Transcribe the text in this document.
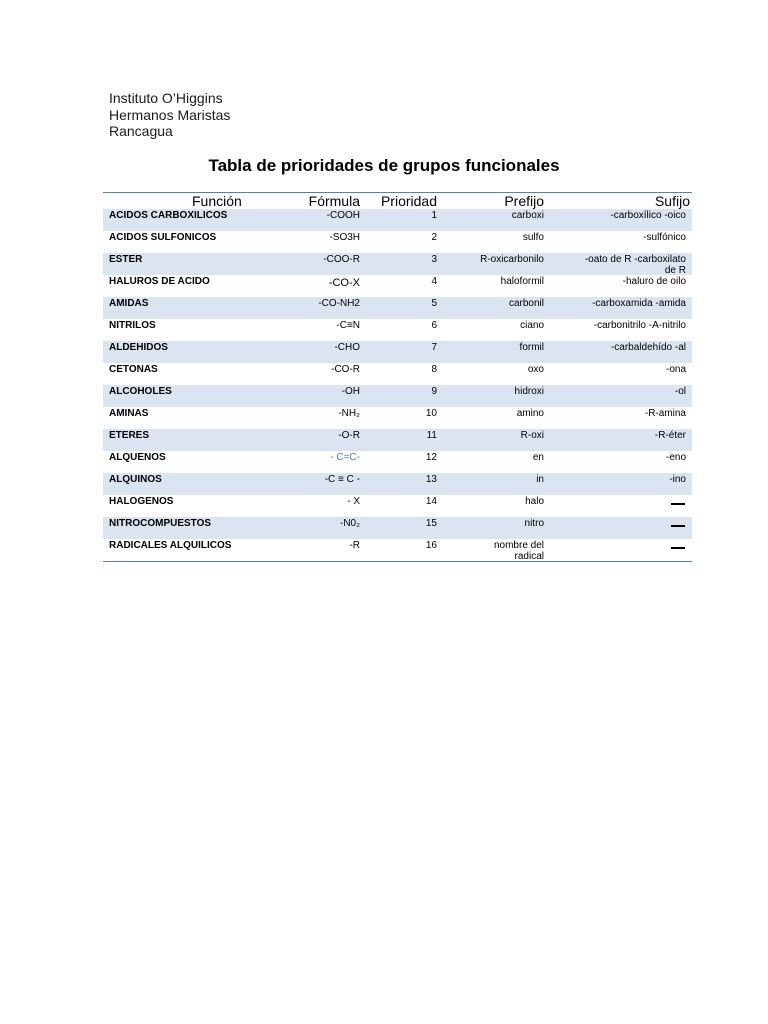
Instituto O’Higgins
Hermanos Maristas
Rancagua
Tabla de prioridades de grupos funcionales
Función	Fórmula Prioridad	Prefijo	Sufijo
ACIDOS CARBOXILICOS	-COOH	1	carboxi	-carboxílico -oico
ACIDOS SULFONICOS	-SO3H	2	sulfo	-sulfónico
ESTER	-COO-R	3	R-oxicarbonilo	-oato de R -carboxilato
de R
HALUROS DE ACIDO	-CO-X	4	haloformil	-haluro de oilo
AMIDAS	-CO-NH2	5	carbonil	-carboxamida -amida
NITRILOS	-C≡N	6	ciano	-carbonitrilo -A-nitrilo
ALDEHIDOS	-CHO	7	formil	-carbaldehído -al
CETONAS	-CO-R	8	oxo	-ona
ALCOHOLES	-OH	9	hidroxi	-ol
AMINAS	-NH₂	10	amino	-R-amina
ETERES	-O-R	11	R-oxi	-R-éter
ALQUENOS	- C=C-	12	en	-eno
ALQUINOS	-C ≡ C -	13	in	-ino
HALOGENOS	- X	14	halo
NITROCOMPUESTOS	-N0₂	15	nitro
RADICALES ALQUILICOS	-R	16	nombre del
radical
